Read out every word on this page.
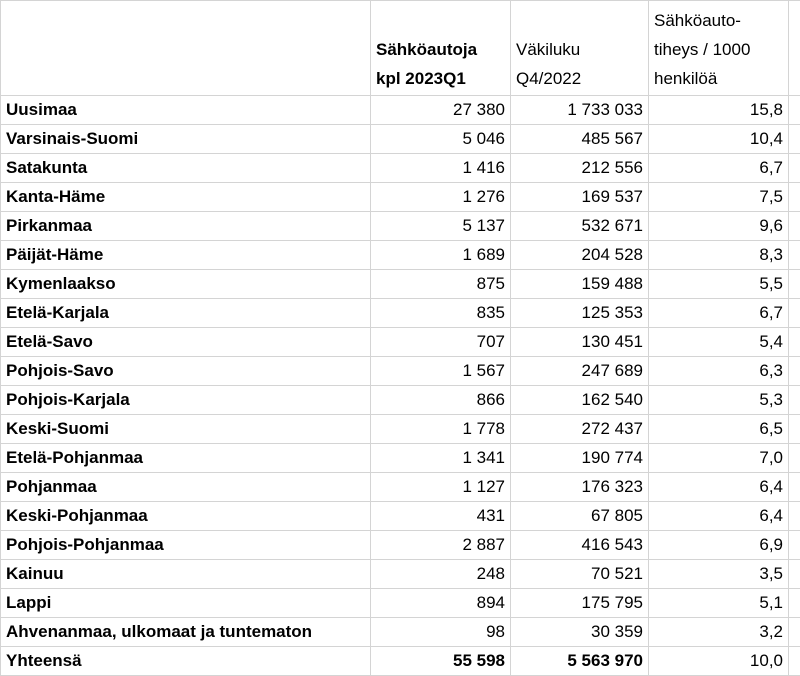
	Sähköautoja kpl 2023Q1	Väkiluku Q4/2022	Sähköauto-tiheys / 1000 henkilöä	
Uusimaa	27 380	1 733 033	15,8	
Varsinais-Suomi	5 046	485 567	10,4	
Satakunta	1 416	212 556	6,7	
Kanta-Häme	1 276	169 537	7,5	
Pirkanmaa	5 137	532 671	9,6	
Päijät-Häme	1 689	204 528	8,3	
Kymenlaakso	875	159 488	5,5	
Etelä-Karjala	835	125 353	6,7	
Etelä-Savo	707	130 451	5,4	
Pohjois-Savo	1 567	247 689	6,3	
Pohjois-Karjala	866	162 540	5,3	
Keski-Suomi	1 778	272 437	6,5	
Etelä-Pohjanmaa	1 341	190 774	7,0	
Pohjanmaa	1 127	176 323	6,4	
Keski-Pohjanmaa	431	67 805	6,4	
Pohjois-Pohjanmaa	2 887	416 543	6,9	
Kainuu	248	70 521	3,5	
Lappi	894	175 795	5,1	
Ahvenanmaa, ulkomaat ja tuntematon	98	30 359	3,2	
Yhteensä	55 598	5 563 970	10,0	
